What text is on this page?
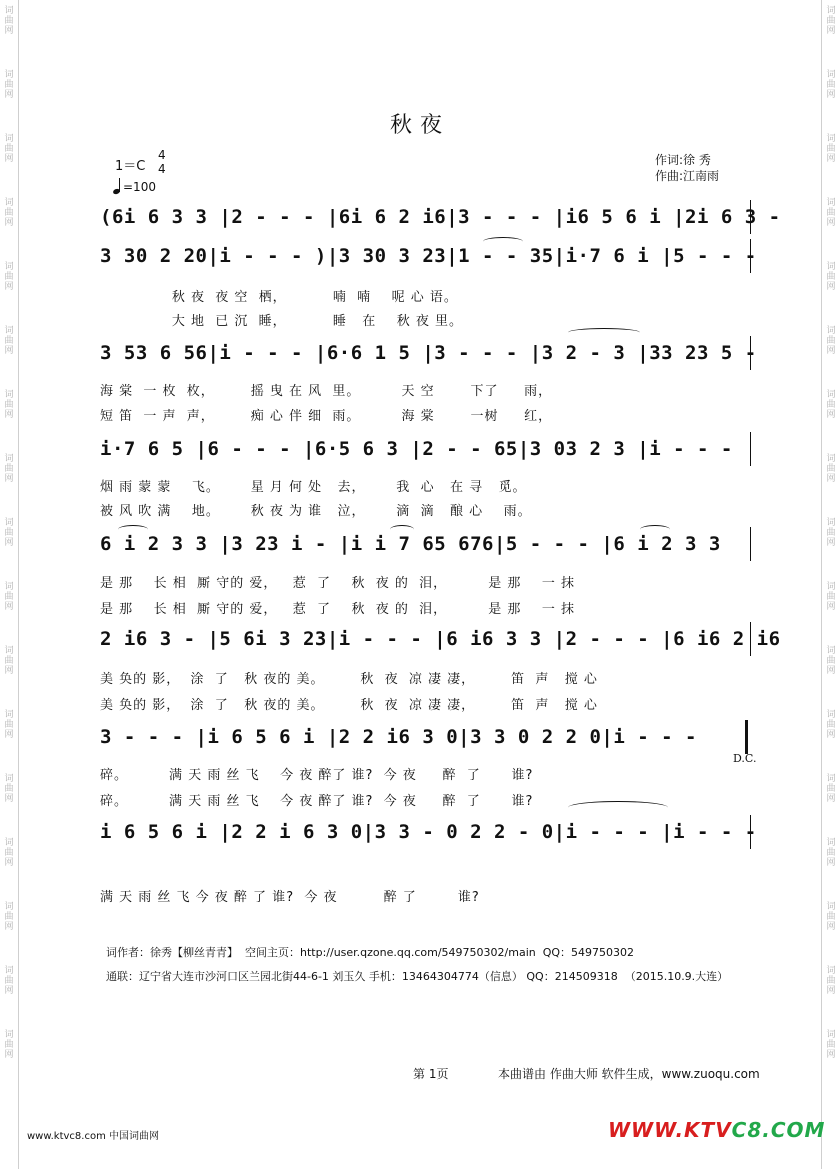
词曲网
词曲网
词曲网
词曲网
词曲网
词曲网
词曲网
词曲网
词曲网
词曲网
词曲网
词曲网
词曲网
词曲网
词曲网
词曲网
词曲网
词曲网
词曲网
词曲网
词曲网
词曲网
词曲网
词曲网
词曲网
词曲网
词曲网
词曲网
词曲网
词曲网
词曲网
词曲网
词曲网
词曲网
秋夜
1＝C
4
4
=100
作词:徐 秀
作曲:江南雨
(6i 6 3 3 |2 - - - |6i 6 2 i6|3 - - - |i6 5 6 i |2i 6 3 -
3 30 2 20|i - - - )|3 30 3 23|1 - - 35|i·7 6 i |5 - - -
秋 夜  夜 空  栖，         喃  喃    呢 心 语。
大 地  已 沉  睡，         睡   在    秋 夜 里。
3 53 6 56|i - - - |6·6 1 5 |3 - - - |3 2 - 3 |33 23 5 -
海 棠  一 枚  枚，       摇 曳 在 风  里。        天 空       下了     雨，
短 笛  一 声  声，       痴 心 伴 细  雨。        海 棠       一树     红，
i·7 6 5 |6 - - - |6·5 6 3 |2 - - 65|3 03 2 3 |i - - -
烟 雨 蒙 蒙    飞。      星 月 何 处   去，      我  心   在 寻   觅。
被 风 吹 满    地。      秋 夜 为 谁   泣，      滴  滴   酿 心    雨。
6 i 2 3 3 |3 23 i - |i i 7 65 676|5 - - - |6 i 2 3 3
是 那    长 相  厮 守的 爱，   惹  了    秋  夜 的  泪，        是 那    一 抹
是 那    长 相  厮 守的 爱，   惹  了    秋  夜 的  泪，        是 那    一 抹
2 i6 3 - |5 6i 3 23|i - - - |6 i6 3 3 |2 - - - |6 i6 2 i6
美 奂的 影，  涂  了   秋 夜的 美。       秋  夜  凉 凄 凄，       笛  声   搅 心
美 奂的 影，  涂  了   秋 夜的 美。       秋  夜  凉 凄 凄，       笛  声   搅 心
3 - - - |i 6 5 6 i |2 2 i6 3 0|3 3 0 2 2 0|i - - -
D.C.
碎。        满 天 雨 丝 飞    今 夜 醉了 谁?  今 夜     醉  了      谁?
碎。        满 天 雨 丝 飞    今 夜 醉了 谁?  今 夜     醉  了      谁?
i 6 5 6 i |2 2 i 6 3 0|3 3 - 0 2 2 - 0|i - - - |i - - -
满 天 雨 丝 飞 今 夜 醉 了 谁?  今 夜         醉 了        谁?
词作者：徐秀【柳丝青青】  空间主页：http://user.qzone.qq.com/549750302/main  QQ：549750302
通联：辽宁省大连市沙河口区兰园北街44-6-1 刘玉久 手机：13464304774（信息） QQ：214509318  （2015.10.9.大连）
第 1页	本曲谱由 作曲大师 软件生成，www.zuoqu.com
www.ktvc8.com 中国词曲网	WWW.KTVC8.COM
